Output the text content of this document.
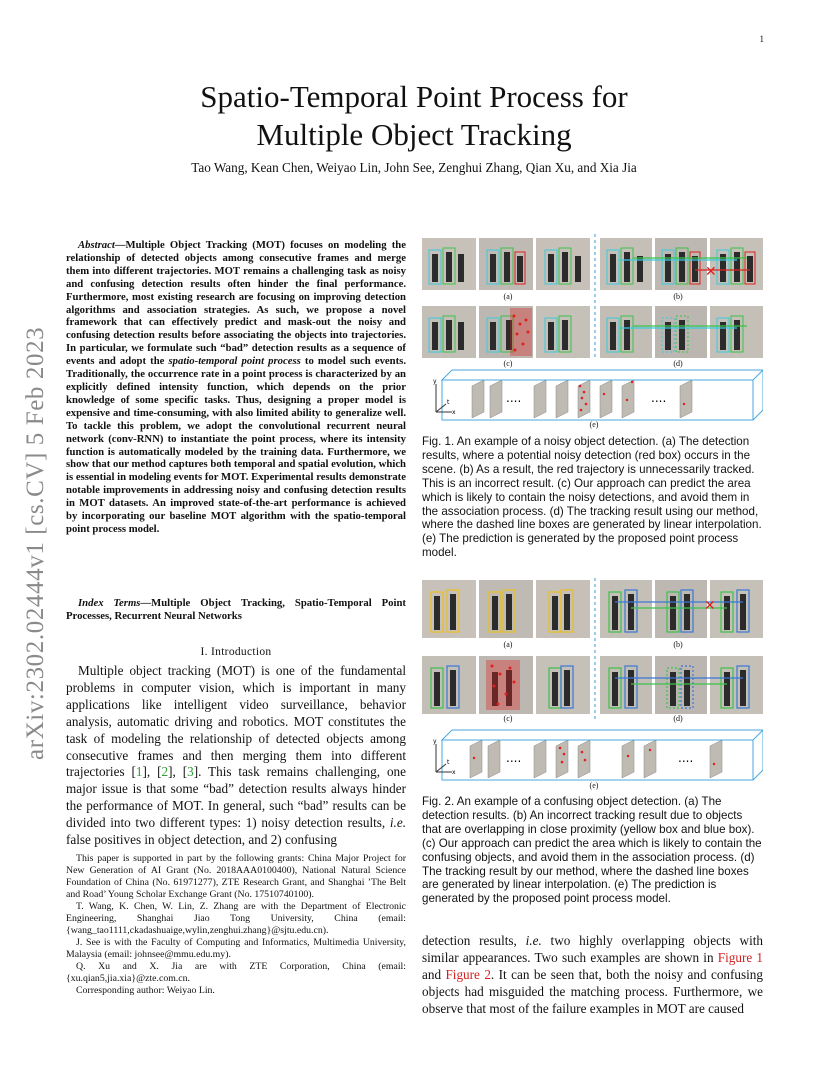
1
Spatio-Temporal Point Process for
Multiple Object Tracking
Tao Wang, Kean Chen, Weiyao Lin, John See, Zenghui Zhang, Qian Xu, and Xia Jia
arXiv:2302.02444v1 [cs.CV] 5 Feb 2023
Abstract—Multiple Object Tracking (MOT) focuses on modeling the relationship of detected objects among consecutive frames and merge them into different trajectories. MOT remains a challenging task as noisy and confusing detection results often hinder the final performance. Furthermore, most existing research are focusing on improving detection algorithms and association strategies. As such, we propose a novel framework that can effectively predict and mask-out the noisy and confusing detection results before associating the objects into trajectories. In particular, we formulate such “bad” detection results as a sequence of events and adopt the spatio-temporal point process to model such events. Traditionally, the occurrence rate in a point process is characterized by an explicitly defined intensity function, which depends on the prior knowledge of some specific tasks. Thus, designing a proper model is expensive and time-consuming, with also limited ability to generalize well. To tackle this problem, we adopt the convolutional recurrent neural network (conv-RNN) to instantiate the point process, where its intensity function is automatically modeled by the training data. Furthermore, we show that our method captures both temporal and spatial evolution, which is essential in modeling events for MOT. Experimental results demonstrate notable improvements in addressing noisy and confusing detection results in MOT datasets. An improved state-of-the-art performance is achieved by incorporating our baseline MOT algorithm with the spatio-temporal point process model.
Index Terms—Multiple Object Tracking, Spatio-Temporal Point Processes, Recurrent Neural Networks
I. Introduction
Multiple object tracking (MOT) is one of the fundamental problems in computer vision, which is important in many applications like intelligent video surveillance, behavior analysis, automatic driving and robotics. MOT constitutes the task of modeling the relationship of detected objects among consecutive frames and then merging them into different trajectories [1], [2], [3]. This task remains challenging, one major issue is that some “bad” detection results always hinder the performance of MOT. In general, such “bad” results can be divided into two different types: 1) noisy detection results, i.e. false positives in object detection, and 2) confusing

This paper is supported in part by the following grants: China Major Project for New Generation of AI Grant (No. 2018AAA0100400), National Natural Science Foundation of China (No. 61971277), ZTE Research Grant, and Shanghai ’The Belt and Road’ Young Scholar Exchange Grant (No. 17510740100).

T. Wang, K. Chen, W. Lin, Z. Zhang are with the Department of Electronic Engineering, Shanghai Jiao Tong University, China (email: {wang_tao1111,ckadashuaige,wylin,zenghui.zhang}@sjtu.edu.cn).

J. See is with the Faculty of Computing and Informatics, Multimedia University, Malaysia (email: johnsee@mmu.edu.my).

Q. Xu and X. Jia are with ZTE Corporation, China (email: {xu.qian5,jia.xia}@zte.com.cn.

Corresponding author: Weiyao Lin.

✕
y
x
t	....	....
(a)	(b)
(c)	(d)
(e)
Fig. 1. An example of a noisy object detection. (a) The detection results, where a potential noisy detection (red box) occurs in the scene. (b) As a result, the red trajectory is unnecessarily tracked. This is an incorrect result. (c) Our approach can predict the area which is likely to contain the noisy detections, and avoid them in the association process. (d) The tracking result using our method, where the dashed line boxes are generated by linear interpolation. (e) The prediction is generated by the proposed point process model.
✕
y
x
t	....	....
(a)	(b)
(c)	(d)
(e)
Fig. 2. An example of a confusing object detection. (a) The detection results. (b) An incorrect tracking result due to objects that are overlapping in close proximity (yellow box and blue box). (c) Our approach can predict the area which is likely to contain the confusing objects, and avoid them in the association process. (d) The tracking result by our method, where the dashed line boxes are generated by linear interpolation. (e) The prediction is generated by the proposed point process model.
detection results, i.e. two highly overlapping objects with similar appearances. Two such examples are shown in Figure 1 and Figure 2. It can be seen that, both the noisy and confusing objects had misguided the matching process. Furthermore, we observe that most of the failure examples in MOT are caused
